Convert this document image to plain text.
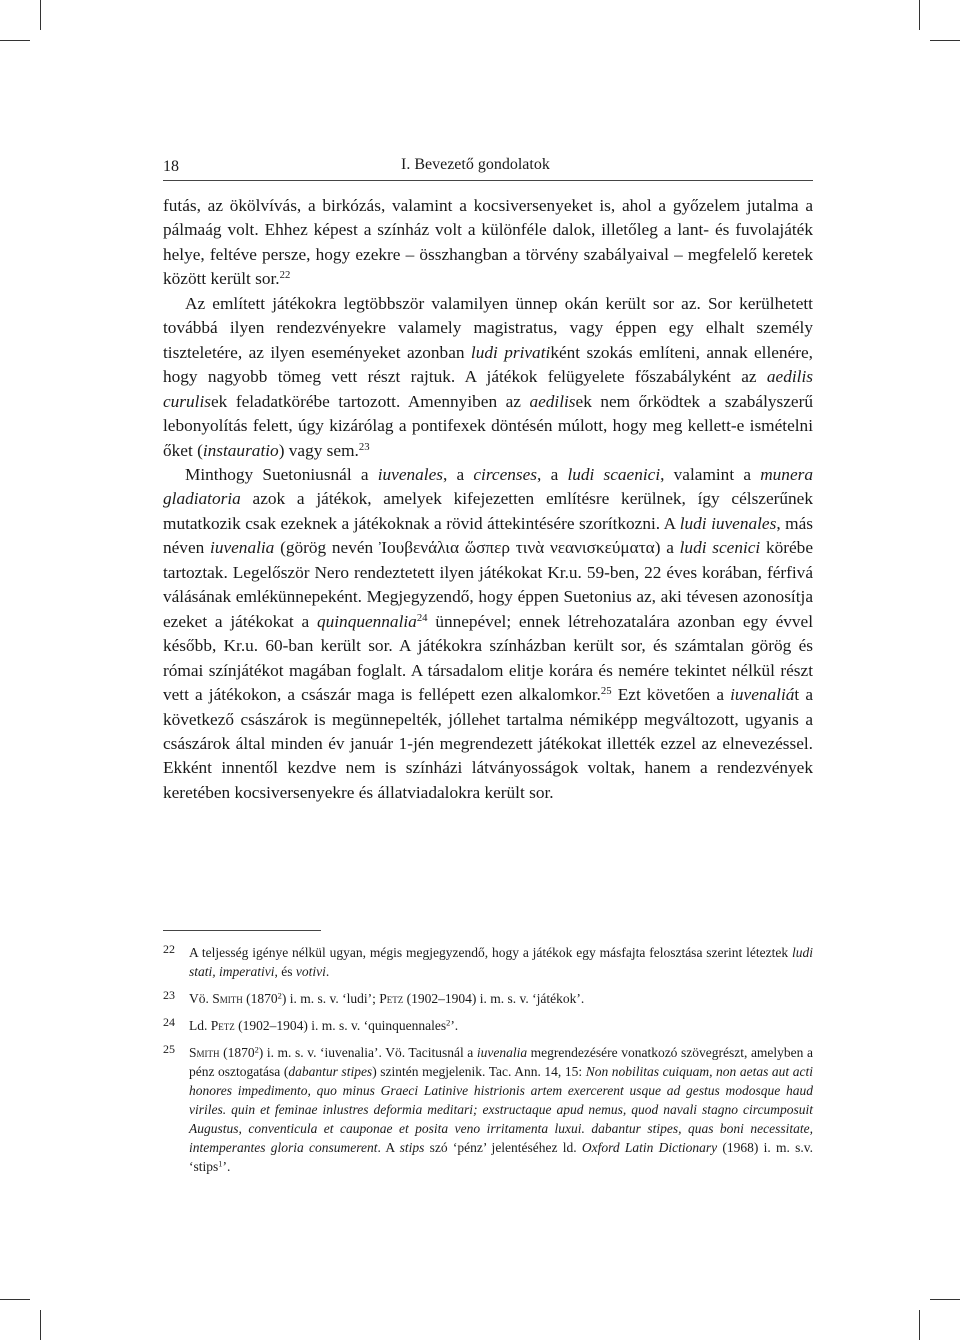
18	I. Bevezető gondolatok

futás, az ökölvívás, a birkózás, valamint a kocsiversenyeket is, ahol a győzelem jutalma a pálmaág volt. Ehhez képest a színház volt a különféle dalok, illetőleg a lant- és fuvolajáték helye, feltéve persze, hogy ezekre – összhangban a törvény szabályaival – megfelelő keretek között került sor.$^{22}$

Az említett játékokra legtöbbször valamilyen ünnep okán került sor az. Sor kerülhetett továbbá ilyen rendezvényekre valamely magistratus, vagy éppen egy elhalt személy tiszteletére, az ilyen eseményeket azonban ludi privatiként szokás említeni, annak ellenére, hogy nagyobb tömeg vett részt rajtuk. A játékok felügyelete főszabályként az aedilis curulisek feladatkörébe tartozott. Amennyiben az aedilisek nem őrködtek a szabályszerű lebonyolítás felett, úgy kizárólag a pontifexek döntésén múlott, hogy meg kellett-e ismételni őket (instauratio) vagy sem.$^{23}$

Minthogy Suetoniusnál a iuvenales, a circenses, a ludi scaenici, valamint a munera gladiatoria azok a játékok, amelyek kifejezetten említésre kerülnek, így célszerűnek mutatkozik csak ezeknek a játékoknak a rövid áttekintésére szorítkozni. A ludi iuvenales, más néven iuvenalia (görög nevén Ἰουβενάλια ὥσπερ τινὰ νεανισκεύματα) a ludi scenici körébe tartoztak. Legelőször Nero rendeztetett ilyen játékokat Kr.u. 59-ben, 22 éves korában, férfivá válásának emlékünnepeként. Megjegyzendő, hogy éppen Suetonius az, aki tévesen azonosítja ezeket a játékokat a quinquennalia$^{24}$ ünnepével; ennek létrehozatalára azonban egy évvel később, Kr.u. 60-ban került sor. A játékokra színházban került sor, és számtalan görög és római színjátékot magában foglalt. A társadalom elitje korára és nemére tekintet nélkül részt vett a játékokon, a császár maga is fellépett ezen alkalomkor.$^{25}$ Ezt követően a iuvenaliát a következő császárok is megünnepelték, jóllehet tartalma némiképp megváltozott, ugyanis a császárok által minden év január 1-jén megrendezett játékokat illették ezzel az elnevezéssel. Ekként innentől kezdve nem is színházi látványosságok voltak, hanem a rendezvények keretében kocsiversenyekre és állatviadalokra került sor.

22 A teljesség igénye nélkül ugyan, mégis megjegyzendő, hogy a játékok egy másfajta felosztása szerint léteztek ludi stati, imperativi, és votivi.
23 Vö. Smith (1870$^2$) i. m. s. v. ‘ludi’; Petz (1902–1904) i. m. s. v. ‘játékok’.
24 Ld. Petz (1902–1904) i. m. s. v. ‘quinquennales$^2$’.
25 Smith (1870$^2$) i. m. s. v. ‘iuvenalia’. Vö. Tacitusnál a iuvenalia megrendezésére vonatkozó szövegrészt, amelyben a pénz osztogatása (dabantur stipes) szintén megjelenik. Tac. Ann. 14, 15: Non nobilitas cuiquam, non aetas aut acti honores impedimento, quo minus Graeci Latinive histrionis artem exercerent usque ad gestus modosque haud viriles. quin et feminae inlustres deformia meditari; exstructaque apud nemus, quod navali stagno circumposuit Augustus, conventicula et cauponae et posita veno irritamenta luxui. dabantur stipes, quas boni necessitate, intemperantes gloria consumerent. A stips szó ‘pénz’ jelentéséhez ld. Oxford Latin Dictionary (1968) i. m. s.v. ‘stips$^1$’.
